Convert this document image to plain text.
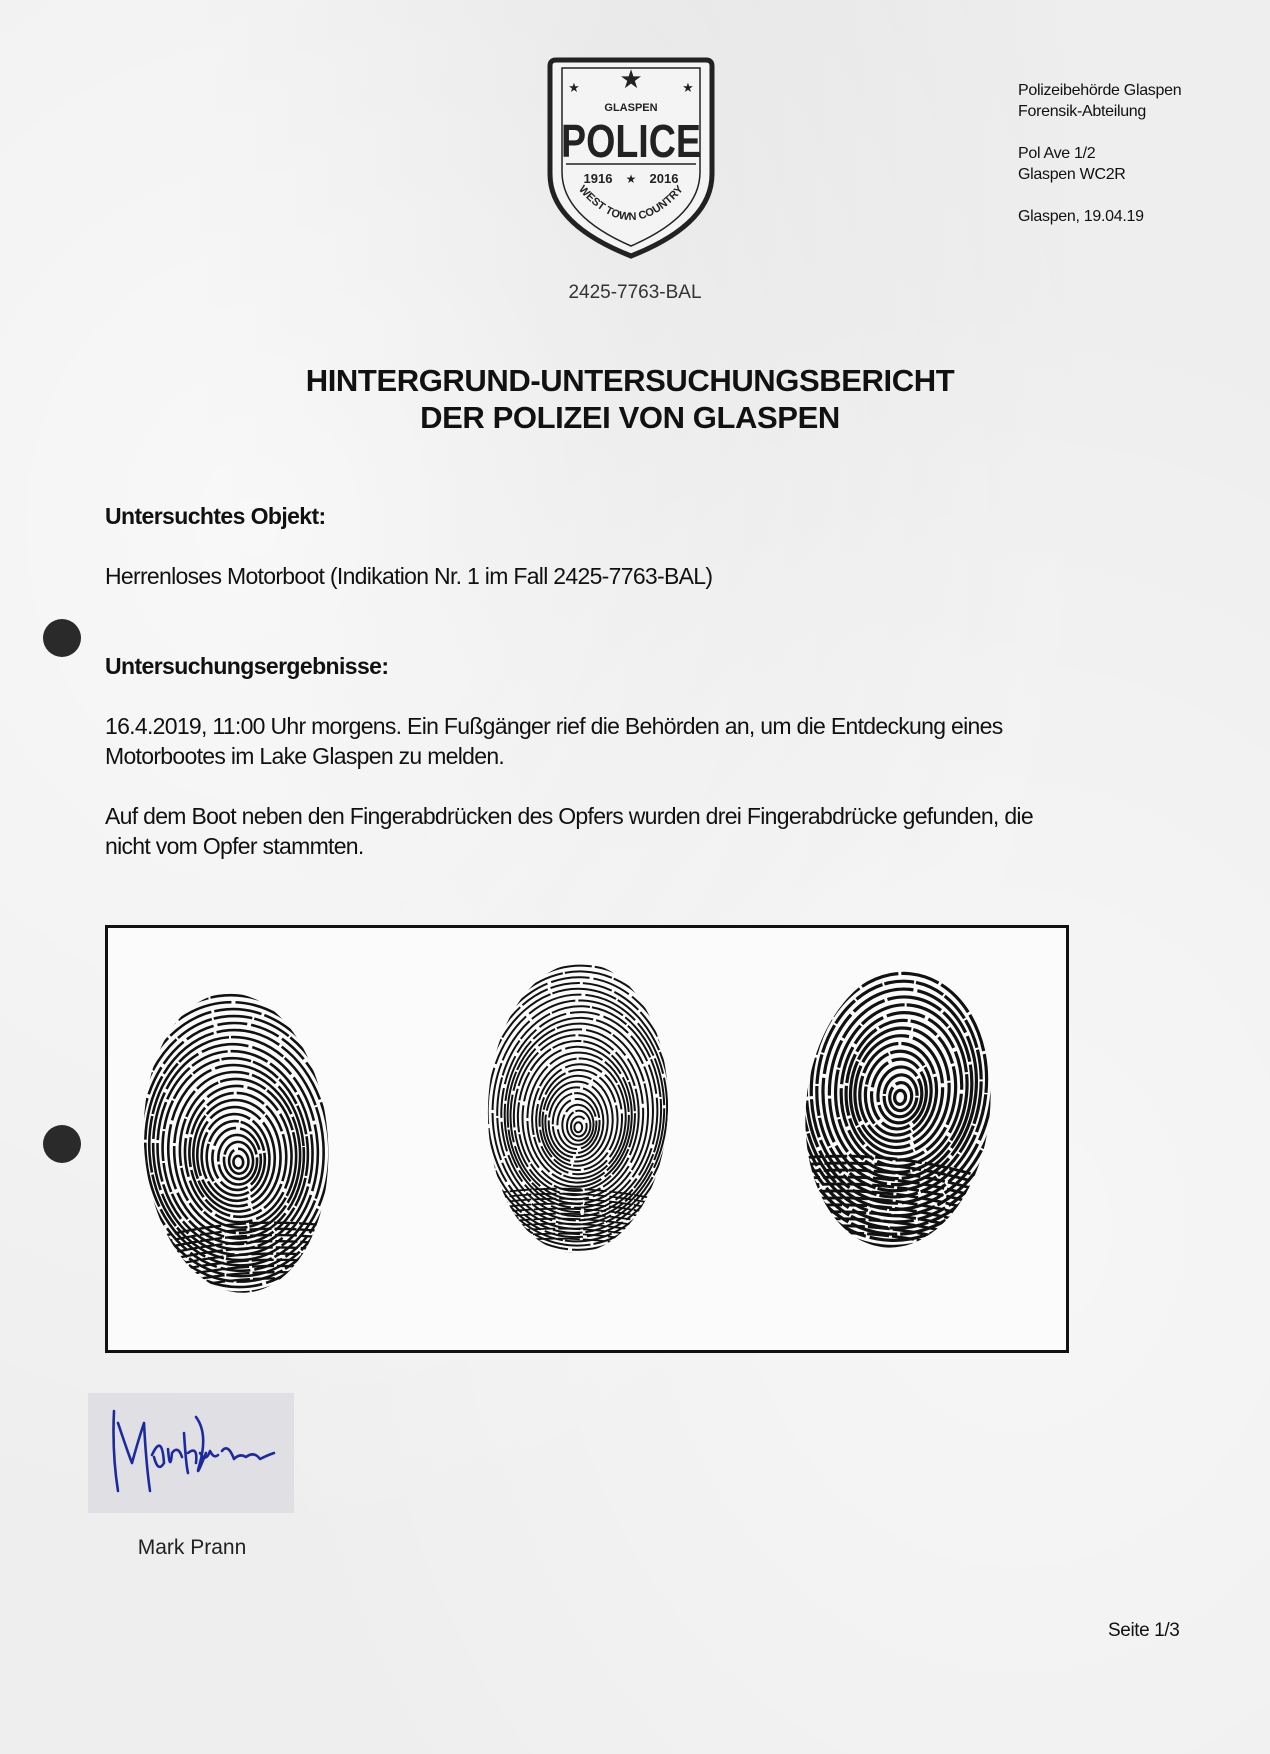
★
★	★
GLASPEN
POLICE
1916 ★ 2016
WEST TOWN COUNTRY
2425-7763-BAL
Polizeibehörde Glaspen
Forensik-Abteilung
Pol Ave 1/2
Glaspen WC2R
Glaspen, 19.04.19
HINTERGRUND-UNTERSUCHUNGSBERICHT
DER POLIZEI VON GLASPEN
Untersuchtes Objekt:
Herrenloses Motorboot (Indikation Nr. 1 im Fall 2425-7763-BAL)
Untersuchungsergebnisse:
16.4.2019, 11:00 Uhr morgens. Ein Fußgänger rief die Behörden an, um die Entdeckung eines Motorbootes im Lake Glaspen zu melden.
Auf dem Boot neben den Fingerabdrücken des Opfers wurden drei Fingerabdrücke gefunden, die nicht vom Opfer stammten.
Mark Prann
Seite 1/3
